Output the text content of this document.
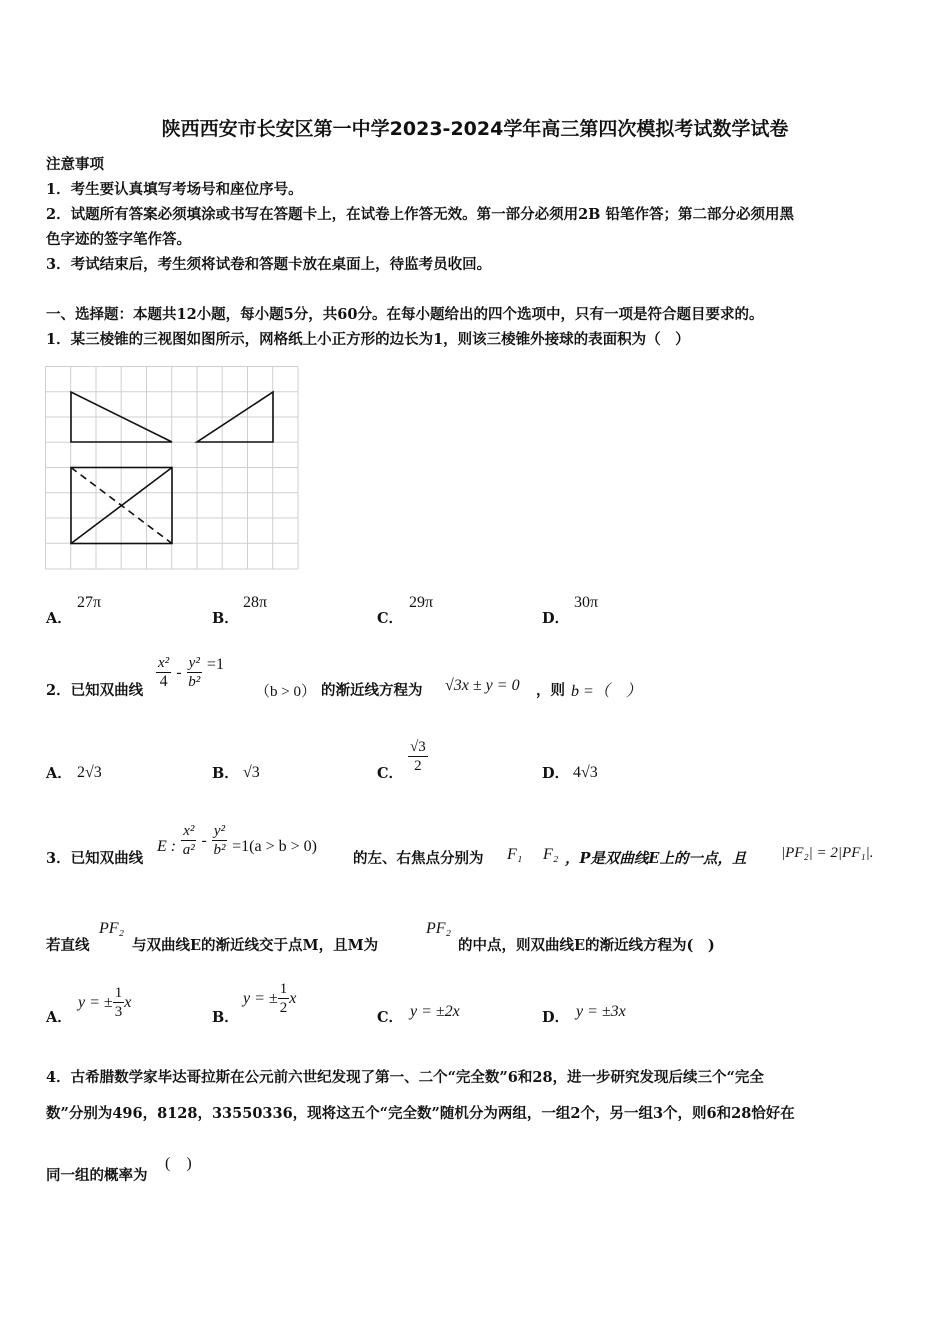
陕西西安市长安区第一中学2023-2024学年高三第四次模拟考试数学试卷
注意事项
1．考生要认真填写考场号和座位序号。
2．试题所有答案必须填涂或书写在答题卡上，在试卷上作答无效。第一部分必须用2B 铅笔作答；第二部分必须用黑
色字迹的签字笔作答。
3．考试结束后，考生须将试卷和答题卡放在桌面上，待监考员收回。
一、选择题：本题共12小题，每小题5分，共60分。在每小题给出的四个选项中，只有一项是符合题目要求的。
1．某三棱锥的三视图如图所示，网格纸上小正方形的边长为1，则该三棱锥外接球的表面积为（　）
A．
27π
B．
28π
C．
29π
D．
30π
2．已知双曲线 $\frac{\text{x²}}{4} - \frac{\text{y²}}{\text{b²}} =1$
（b > 0） 的渐近线方程为 √3x ± y = 0 ，则 b =（　）
A． 2√3	B． √3	C． $\frac{√3}{2}$	D． 4√3
3．已知双曲线
E : $\frac{\text{x²}}{\text{a²}} - \frac{\text{y²}}{\text{b²}} =1(a > b > 0)$
的左、右焦点分别为 F₁ F₂ ，P是双曲线E上的一点，且 |PF₂| = 2|PF₁|.
若直线
PF₂
与双曲线E的渐近线交于点M，且M为
PF₂
的中点，则双曲线E的渐近线方程为(　)
A．
y = ± $\frac{1}{3}$ x
B．
y = ± $\frac{1}{2}$ x
C． y = ±2x	D． y = ±3x
4．古希腊数学家毕达哥拉斯在公元前六世纪发现了第一、二个“完全数”6和28，进一步研究发现后续三个“完全
数”分别为496，8128，33550336，现将这五个“完全数”随机分为两组，一组2个，另一组3个，则6和28恰好在
同一组的概率为
(　)
